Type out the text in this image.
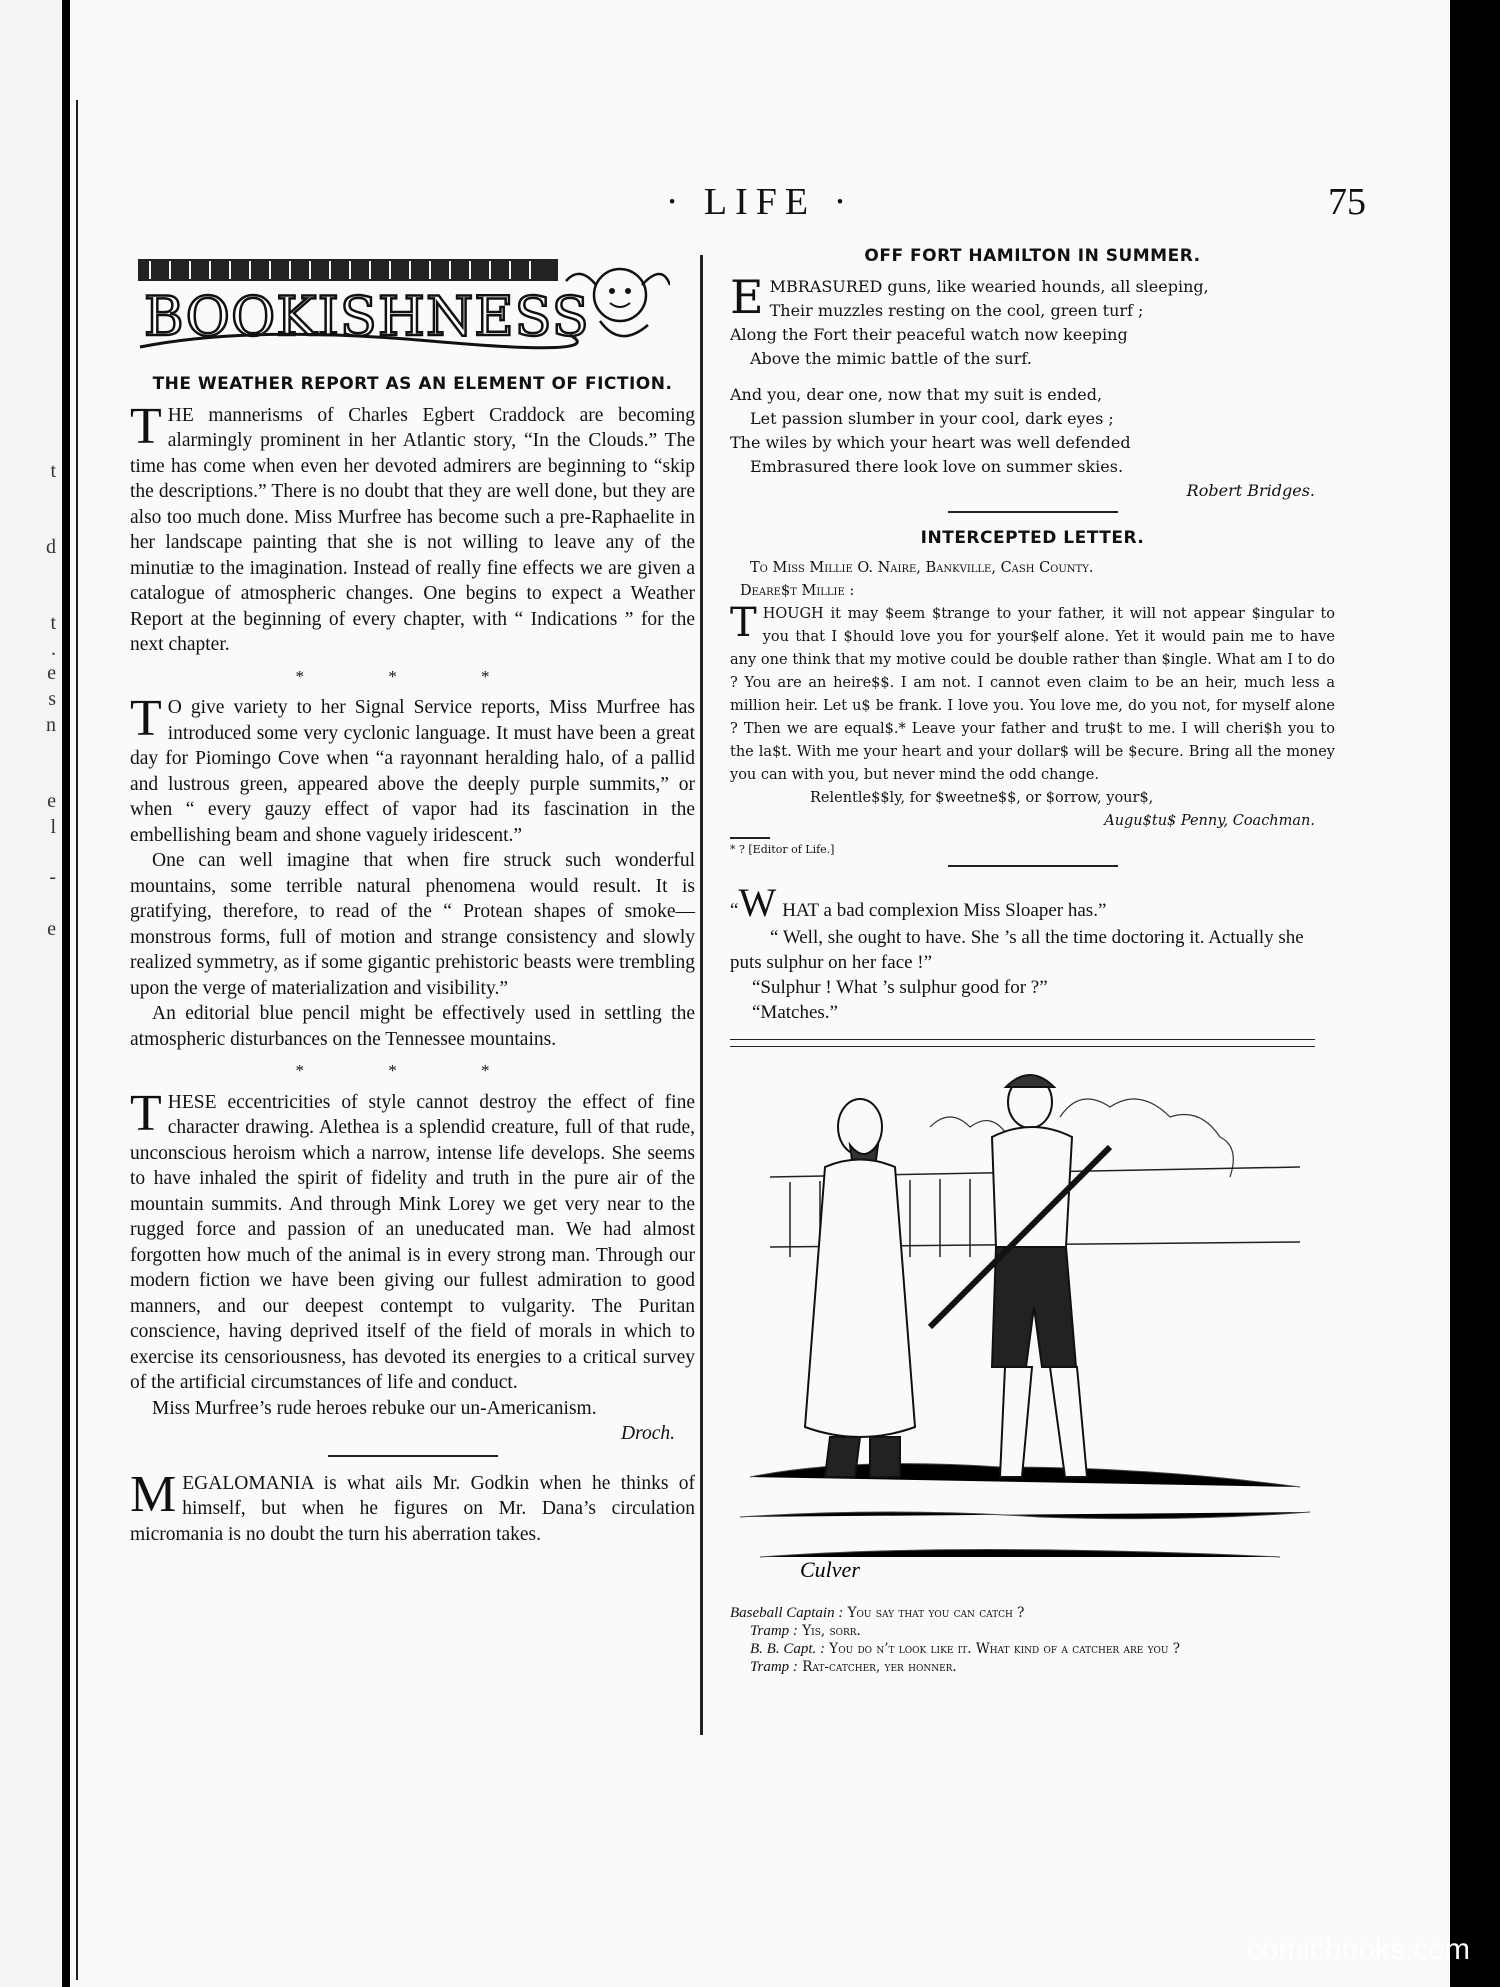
t
d
t
.
e
s
n
e
l
-
e
· LIFE ·	75
BOOKISHNESS
THE WEATHER REPORT AS AN ELEMENT OF FICTION.

THE mannerisms of Charles Egbert Craddock are becoming alarmingly prominent in her Atlantic story, “In the Clouds.” The time has come when even her devoted admirers are beginning to “skip the descriptions.” There is no doubt that they are well done, but they are also too much done. Miss Murfree has become such a pre-Raphaelite in her landscape painting that she is not willing to leave any of the minutiæ to the imagination. Instead of really fine effects we are given a catalogue of atmospheric changes. One begins to expect a Weather Report at the beginning of every chapter, with “ Indications ” for the next chapter.

* * *

T O give variety to her Signal Service reports, Miss Murfree has introduced some very cyclonic language. It must have been a great day for Piomingo Cove when “a rayonnant heralding halo, of a pallid and lustrous green, appeared above the deeply purple summits,” or when “ every gauzy effect of vapor had its fascination in the embellishing beam and shone vaguely iridescent.”

One can well imagine that when fire struck such wonderful mountains, some terrible natural phenomena would result. It is gratifying, therefore, to read of the “ Protean shapes of smoke—monstrous forms, full of motion and strange consistency and slowly realized symmetry, as if some gigantic prehistoric beasts were trembling upon the verge of materialization and visibility.”

An editorial blue pencil might be effectively used in settling the atmospheric disturbances on the Tennessee mountains.

* * *

THESE eccentricities of style cannot destroy the effect of fine character drawing. Alethea is a splendid creature, full of that rude, unconscious heroism which a narrow, intense life develops. She seems to have inhaled the spirit of fidelity and truth in the pure air of the mountain summits. And through Mink Lorey we get very near to the rugged force and passion of an uneducated man. We had almost forgotten how much of the animal is in every strong man. Through our modern fiction we have been giving our fullest admiration to good manners, and our deepest contempt to vulgarity. The Puritan conscience, having deprived itself of the field of morals in which to exercise its censoriousness, has devoted its energies to a critical survey of the artificial circumstances of life and conduct.

Miss Murfree’s rude heroes rebuke our un-Americanism.

Droch.

MEGALOMANIA is what ails Mr. Godkin when he thinks of himself, but when he figures on Mr. Dana’s circulation micromania is no doubt the turn his aberration takes.

OFF FORT HAMILTON IN SUMMER.
EMBRASURED guns, like wearied hounds, all sleeping,
Their muzzles resting on the cool, green turf ;
Along the Fort their peaceful watch now keeping
Above the mimic battle of the surf.
And you, dear one, now that my suit is ended,
Let passion slumber in your cool, dark eyes ;
The wiles by which your heart was well defended
Embrasured there look love on summer skies.
Robert Bridges.
INTERCEPTED LETTER.
To Miss Millie O. Naire, Bankville, Cash County.
Deare$t Millie :

THOUGH it may $eem $trange to your father, it will not appear $ingular to you that I $hould love you for your$elf alone. Yet it would pain me to have any one think that my motive could be double rather than $ingle. What am I to do ? You are an heire$$. I am not. I cannot even claim to be an heir, much less a million heir. Let u$ be frank. I love you. You love me, do you not, for myself alone ? Then we are equal$.* Leave your father and tru$t to me. I will cheri$h you to the la$t. With me your heart and your dollar$ will be $ecure. Bring all the money you can with you, but never mind the odd change.

Relentle$$ly, for $weetne$$, or $orrow, your$,
Augu$tu$ Penny, Coachman.
* ? [Editor of Life.]

“W HAT a bad complexion Miss Sloaper has.”

“ Well, she ought to have. She ’s all the time doctoring it. Actually she puts sulphur on her face !”

“Sulphur ! What ’s sulphur good for ?”

“Matches.”

Culver
Baseball Captain : You say that you can catch ?
Tramp : Yis, sorr.
B. B. Capt. : You do n’t look like it. What kind of a catcher are you ?
Tramp : Rat-catcher, yer honner.
comicbooks.com
